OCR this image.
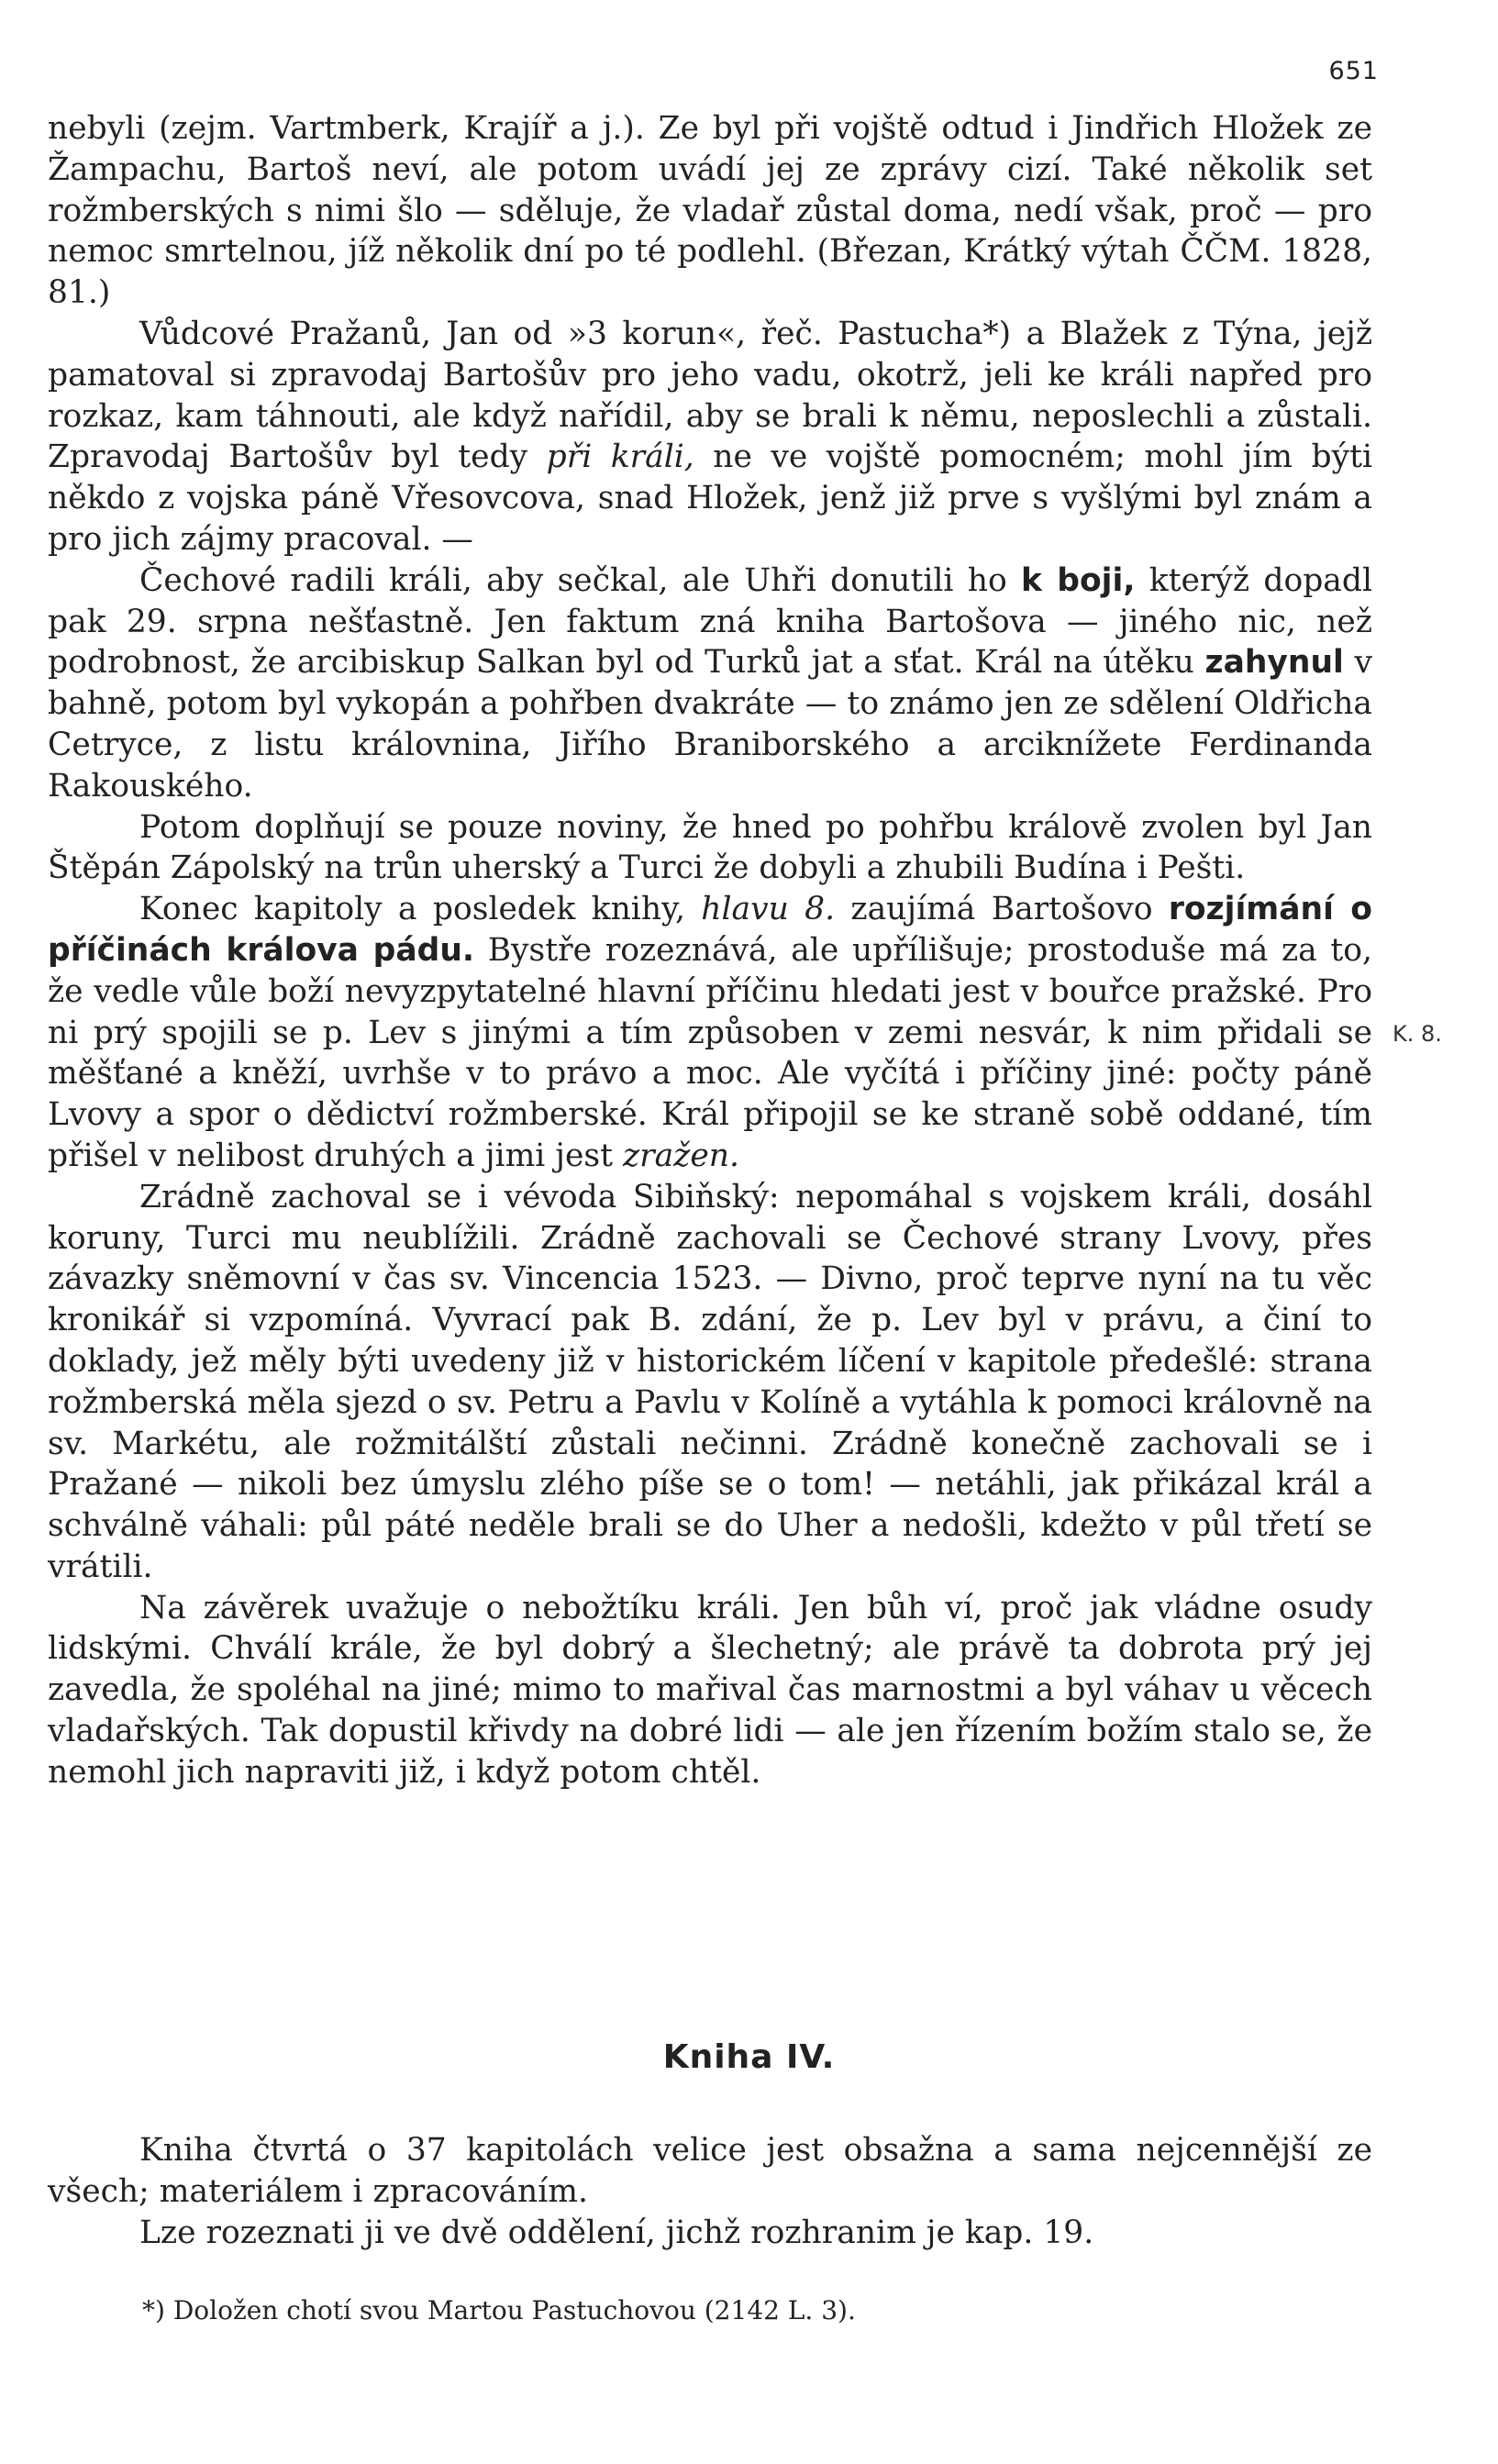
651

nebyli (zejm. Vartmberk, Krajíř a j.). Ze byl při vojště odtud i Jindřich Hložek ze Žampachu, Bartoš neví, ale potom uvádí jej ze zprávy cizí. Také několik set rožmberských s nimi šlo — sděluje, že vladař zůstal doma, nedí však, proč — pro nemoc smrtelnou, jíž několik dní po té podlehl. (Březan, Krátký výtah ČČM. 1828, 81.)

Vůdcové Pražanů, Jan od »3 korun«, řeč. Pastucha*) a Blažek z Týna, jejž pamatoval si zpravodaj Bartošův pro jeho vadu, okotrž, jeli ke králi napřed pro rozkaz, kam táhnouti, ale když nařídil, aby se brali k němu, neposlechli a zůstali. Zpravodaj Bartošův byl tedy při králi, ne ve vojště pomocném; mohl jím býti někdo z vojska páně Vřesovcova, snad Hložek, jenž již prve s vyšlými byl znám a pro jich zájmy pracoval. —

Čechové radili králi, aby sečkal, ale Uhři donutili ho k boji, kterýž dopadl pak 29. srpna nešťastně. Jen faktum zná kniha Bartošova — jiného nic, než podrobnost, že arcibiskup Salkan byl od Turků jat a sťat. Král na útěku zahynul v bahně, potom byl vykopán a pohřben dvakráte — to známo jen ze sdělení Oldřicha Cetryce, z listu královnina, Jiřího Braniborského a arciknížete Ferdinanda Rakouského.

Potom doplňují se pouze noviny, že hned po pohřbu králově zvolen byl Jan Štěpán Zápolský na trůn uherský a Turci že dobyli a zhubili Budína i Pešti.

Konec kapitoly a posledek knihy, hlavu 8. zaujímá Bartošovo rozjímání o příčinách králova pádu. Bystře rozeznává, ale upřílišuje; prostoduše má za to, že vedle vůle boží nevyzpytatelné hlavní příčinu hledati jest v bouřce pražské. Pro ni prý spojili se p. Lev s jinými a tím způsoben v zemi nesvár, k nim přidali se měšťané a kněží, uvrhše v to právo a moc. Ale vyčítá i příčiny jiné: počty páně Lvovy a spor o dědictví rožmberské. Král připojil se ke straně sobě oddané, tím přišel v nelibost druhých a jimi jest zražen.

Zrádně zachoval se i vévoda Sibiňský: nepomáhal s vojskem králi, dosáhl koruny, Turci mu neublížili. Zrádně zachovali se Čechové strany Lvovy, přes závazky sněmovní v čas sv. Vincencia 1523. — Divno, proč teprve nyní na tu věc kronikář si vzpomíná. Vyvrací pak B. zdání, že p. Lev byl v právu, a činí to doklady, jež měly býti uvedeny již v historickém líčení v kapitole předešlé: strana rožmberská měla sjezd o sv. Petru a Pavlu v Kolíně a vytáhla k pomoci královně na sv. Markétu, ale rožmitálští zůstali nečinni. Zrádně konečně zachovali se i Pražané — nikoli bez úmyslu zlého píše se o tom! — netáhli, jak přikázal král a schválně váhali: půl páté neděle brali se do Uher a nedošli, kdežto v půl třetí se vrátili.

Na závěrek uvažuje o nebožtíku králi. Jen bůh ví, proč jak vládne osudy lidskými. Chválí krále, že byl dobrý a šlechetný; ale právě ta dobrota prý jej zavedla, že spoléhal na jiné; mimo to mařival čas marnostmi a byl váhav u věcech vladařských. Tak dopustil křivdy na dobré lidi — ale jen řízením božím stalo se, že nemohl jich napraviti již, i když potom chtěl.

K. 8.
Kniha IV.

Kniha čtvrtá o 37 kapitolách velice jest obsažna a sama nejcennější ze všech; materiálem i zpracováním.

Lze rozeznati ji ve dvě oddělení, jichž rozhranim je kap. 19.

*) Doložen chotí svou Martou Pastuchovou (2142 L. 3).
